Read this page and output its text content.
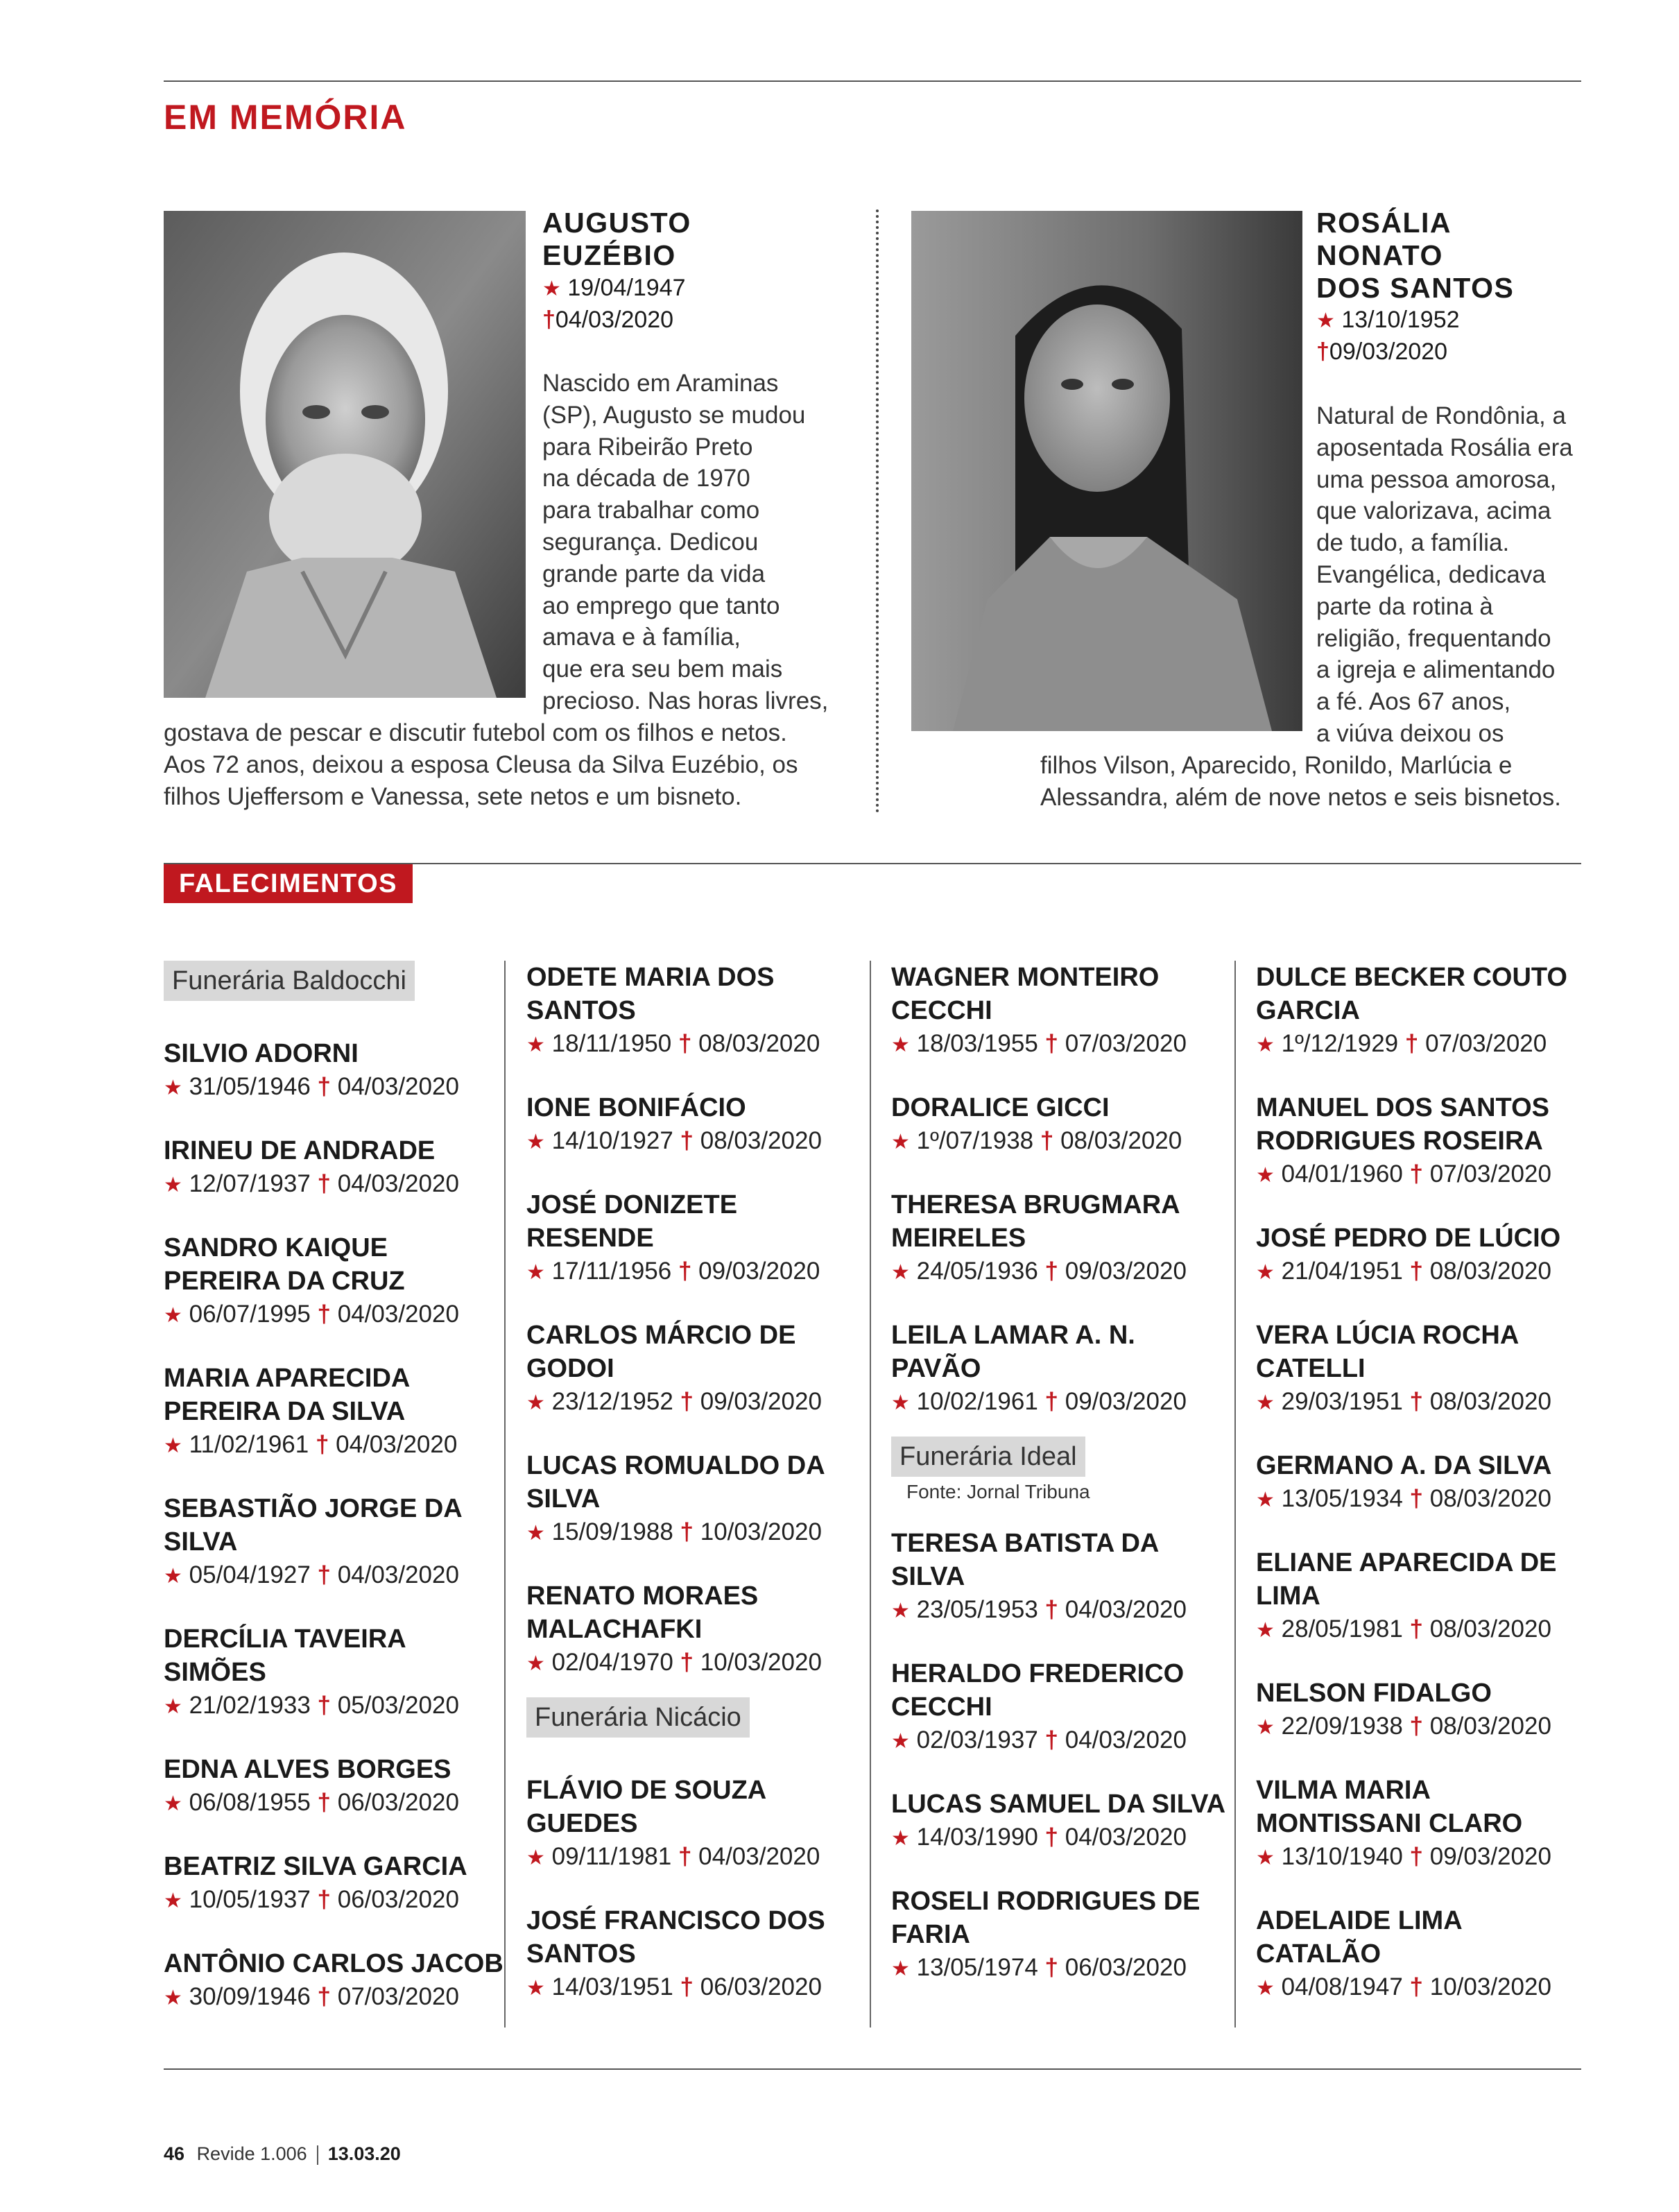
EM MEMÓRIA
AUGUSTO
EUZÉBIO
★ 19/04/1947
†04/03/2020
Nascido em Araminas
(SP), Augusto se mudou
para Ribeirão Preto
na década de 1970
para trabalhar como
segurança. Dedicou
grande parte da vida
ao emprego que tanto
amava e à família,
que era seu bem mais
precioso. Nas horas livres,
gostava de pescar e discutir futebol com os filhos e netos.
Aos 72 anos, deixou a esposa Cleusa da Silva Euzébio, os
filhos Ujeffersom e Vanessa, sete netos e um bisneto.
ROSÁLIA
NONATO
DOS SANTOS
★ 13/10/1952
†09/03/2020
Natural de Rondônia, a
aposentada Rosália era
uma pessoa amorosa,
que valorizava, acima
de tudo, a família.
Evangélica, dedicava
parte da rotina à
religião, frequentando
a igreja e alimentando
a fé. Aos 67 anos,
a viúva deixou os
filhos Vilson, Aparecido, Ronildo, Marlúcia e
Alessandra, além de nove netos e seis bisnetos.
FALECIMENTOS
Funerária Baldocchi
SILVIO ADORNI
★ 31/05/1946 † 04/03/2020
IRINEU DE ANDRADE
★ 12/07/1937 † 04/03/2020
SANDRO KAIQUE
PEREIRA DA CRUZ
★ 06/07/1995 † 04/03/2020
MARIA APARECIDA
PEREIRA DA SILVA
★ 11/02/1961 † 04/03/2020
SEBASTIÃO JORGE DA
SILVA
★ 05/04/1927 † 04/03/2020
DERCÍLIA TAVEIRA
SIMÕES
★ 21/02/1933 † 05/03/2020
EDNA ALVES BORGES
★ 06/08/1955 † 06/03/2020
BEATRIZ SILVA GARCIA
★ 10/05/1937 † 06/03/2020
ANTÔNIO CARLOS JACOB
★ 30/09/1946 † 07/03/2020
ODETE MARIA DOS
SANTOS
★ 18/11/1950 † 08/03/2020
IONE BONIFÁCIO
★ 14/10/1927 † 08/03/2020
JOSÉ DONIZETE
RESENDE
★ 17/11/1956 † 09/03/2020
CARLOS MÁRCIO DE
GODOI
★ 23/12/1952 † 09/03/2020
LUCAS ROMUALDO DA
SILVA
★ 15/09/1988 † 10/03/2020
RENATO MORAES
MALACHAFKI
★ 02/04/1970 † 10/03/2020
Funerária Nicácio
FLÁVIO DE SOUZA
GUEDES
★ 09/11/1981 † 04/03/2020
JOSÉ FRANCISCO DOS
SANTOS
★ 14/03/1951 † 06/03/2020
WAGNER MONTEIRO
CECCHI
★ 18/03/1955 † 07/03/2020
DORALICE GICCI
★ 1º/07/1938 † 08/03/2020
THERESA BRUGMARA
MEIRELES
★ 24/05/1936 † 09/03/2020
LEILA LAMAR A. N.
PAVÃO
★ 10/02/1961 † 09/03/2020
Funerária Ideal
Fonte: Jornal Tribuna
TERESA BATISTA DA
SILVA
★ 23/05/1953 † 04/03/2020
HERALDO FREDERICO
CECCHI
★ 02/03/1937 † 04/03/2020
LUCAS SAMUEL DA SILVA
★ 14/03/1990 † 04/03/2020
ROSELI RODRIGUES DE
FARIA
★ 13/05/1974 † 06/03/2020
DULCE BECKER COUTO
GARCIA
★ 1º/12/1929 † 07/03/2020
MANUEL DOS SANTOS
RODRIGUES ROSEIRA
★ 04/01/1960 † 07/03/2020
JOSÉ PEDRO DE LÚCIO
★ 21/04/1951 † 08/03/2020
VERA LÚCIA ROCHA
CATELLI
★ 29/03/1951 † 08/03/2020
GERMANO A. DA SILVA
★ 13/05/1934 † 08/03/2020
ELIANE APARECIDA DE
LIMA
★ 28/05/1981 † 08/03/2020
NELSON FIDALGO
★ 22/09/1938 † 08/03/2020
VILMA MARIA
MONTISSANI CLARO
★ 13/10/1940 † 09/03/2020
ADELAIDE LIMA
CATALÃO
★ 04/08/1947 † 10/03/2020
46 Revide 1.006 13.03.20
